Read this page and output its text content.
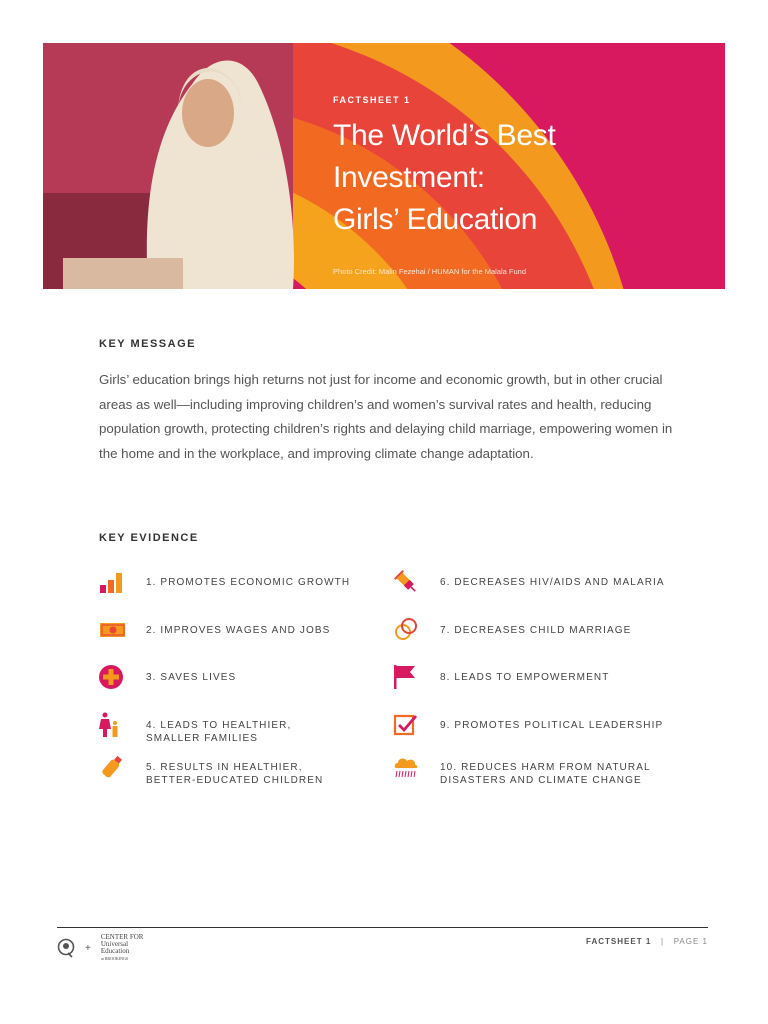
FACTSHEET 1
The World’s Best
Investment:
Girls’ Education
Photo Credit: Malin Fezehai / HUMAN for the Malala Fund
KEY MESSAGE
Girls’ education brings high returns not just for income and economic growth, but in other crucial areas as well—including improving children’s and women’s survival rates and health, reducing population growth, protecting children’s rights and delaying child marriage, empowering women in the home and in the workplace, and improving climate change adaptation.
KEY EVIDENCE
1. PROMOTES ECONOMIC GROWTH
2. IMPROVES WAGES AND JOBS
3. SAVES LIVES
4. LEADS TO HEALTHIER,
SMALLER FAMILIES
5. RESULTS IN HEALTHIER,
BETTER-EDUCATED CHILDREN
6. DECREASES HIV/AIDS AND MALARIA
7. DECREASES CHILD MARRIAGE
8. LEADS TO EMPOWERMENT
9. PROMOTES POLITICAL LEADERSHIP
10. REDUCES HARM FROM NATURAL
DISASTERS AND CLIMATE CHANGE
+
CENTER FOR
Universal
Education
at BROOKINGS
FACTSHEET 1 | PAGE 1
